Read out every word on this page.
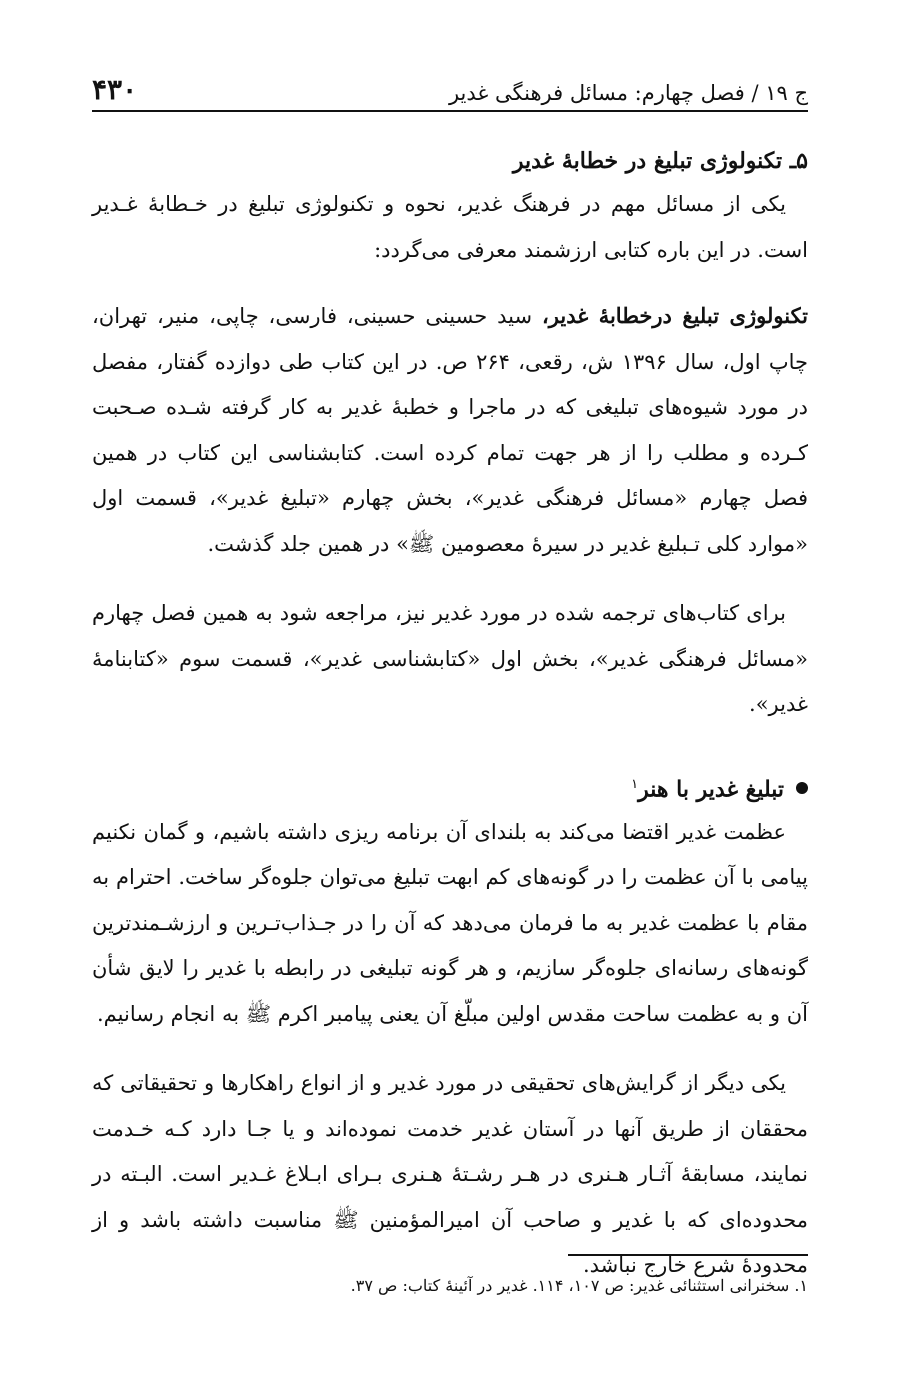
ج ۱۹ / فصل چهارم: مسائل فرهنگی غدیر
۴۳۰
۵ـ تکنولوژی تبلیغ در خطابهٔ غدیر

یکی از مسائل مهم در فرهنگ غدیر، نحوه و تکنولوژی تبلیغ در خـطابهٔ غـدیر است. در این باره کتابی ارزشمند معرفی می‌گردد:

تکنولوژی تبلیغ درخطابهٔ غدیر، سید حسینی حسینی، فارسی، چاپی، منیر، تهران، چاپ اول، سال ۱۳۹۶ ش، رقعی، ۲۶۴ ص. در این کتاب طی دوازده گفتار، مفصل در مورد شیوه‌های تبلیغی که در ماجرا و خطبهٔ غدیر به کار گرفته شـده صـحبت کـرده و مطلب را از هر جهت تمام کرده است. کتابشناسی این کتاب در همین فصل چهارم «مسائل فرهنگی غدیر»، بخش چهارم «تبلیغ غدیر»، قسمت اول «موارد کلی تـبلیغ غدیر در سیرهٔ معصومین ﷺ» در همین جلد گذشت.

برای کتاب‌های ترجمه شده در مورد غدیر نیز، مراجعه شود به همین فصل چهارم «مسائل فرهنگی غدیر»، بخش اول «کتابشناسی غدیر»، قسمت سوم «کتابنامهٔ غدیر».

تبلیغ غدیر با هنر$^۱$

عظمت غدیر اقتضا می‌کند به بلندای آن برنامه ریزی داشته باشیم، و گمان نکنیم پیامی با آن عظمت را در گونه‌های کم ابهت تبلیغ می‌توان جلوه‌گر ساخت. احترام به مقام با عظمت غدیر به ما فرمان می‌دهد که آن را در جـذاب‌تـرین و ارزشـمندترین گونه‌های رسانه‌ای جلوه‌گر سازیم، و هر گونه تبلیغی در رابطه با غدیر را لایق شأن آن و به عظمت ساحت مقدس اولین مبلّغ آن یعنی پیامبر اکرم ﷺ به انجام رسانیم.

یکی دیگر از گرایش‌های تحقیقی در مورد غدیر و از انواع راهکارها و تحقیقاتی که محققان از طریق آنها در آستان غدیر خدمت نموده‌اند و یا جـا دارد کـه خـدمت نمایند، مسابقهٔ آثـار هـنری در هـر رشـتهٔ هـنری بـرای ابـلاغ غـدیر است. البـته در محدوده‌ای که با غدیر و صاحب آن امیرالمؤمنین ﷺ مناسبت داشته باشد و از محدودهٔ شرع خارج نباشد.

۱. سخنرانی استثنائی غدیر: ص ۱۰۷، ۱۱۴. غدیر در آئینهٔ کتاب: ص ۳۷.
